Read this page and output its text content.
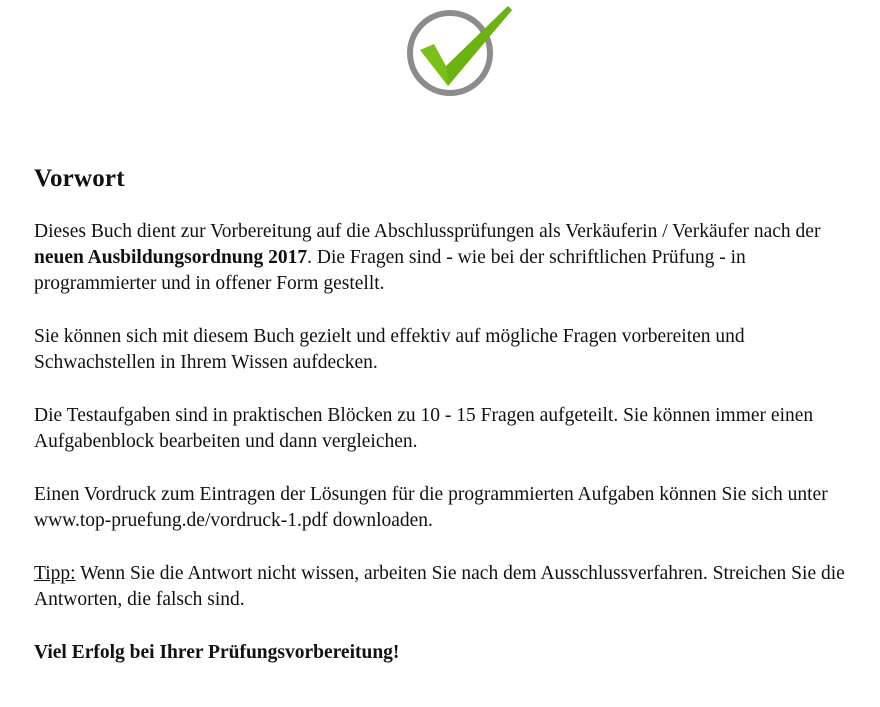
Vorwort

Dieses Buch dient zur Vorbereitung auf die Abschlussprüfungen als Verkäuferin / Verkäufer nach der neuen Ausbildungsordnung 2017. Die Fragen sind - wie bei der schriftlichen Prüfung - in programmierter und in offener Form gestellt.

Sie können sich mit diesem Buch gezielt und effektiv auf mögliche Fragen vorbereiten und Schwachstellen in Ihrem Wissen aufdecken.

Die Testaufgaben sind in praktischen Blöcken zu 10 - 15 Fragen aufgeteilt. Sie können immer einen Aufgabenblock bearbeiten und dann vergleichen.

Einen Vordruck zum Eintragen der Lösungen für die programmierten Aufgaben können Sie sich unter www.top-pruefung.de/vordruck-1.pdf downloaden.

Tipp: Wenn Sie die Antwort nicht wissen, arbeiten Sie nach dem Ausschlussverfahren. Streichen Sie die Antworten, die falsch sind.

Viel Erfolg bei Ihrer Prüfungsvorbereitung!
